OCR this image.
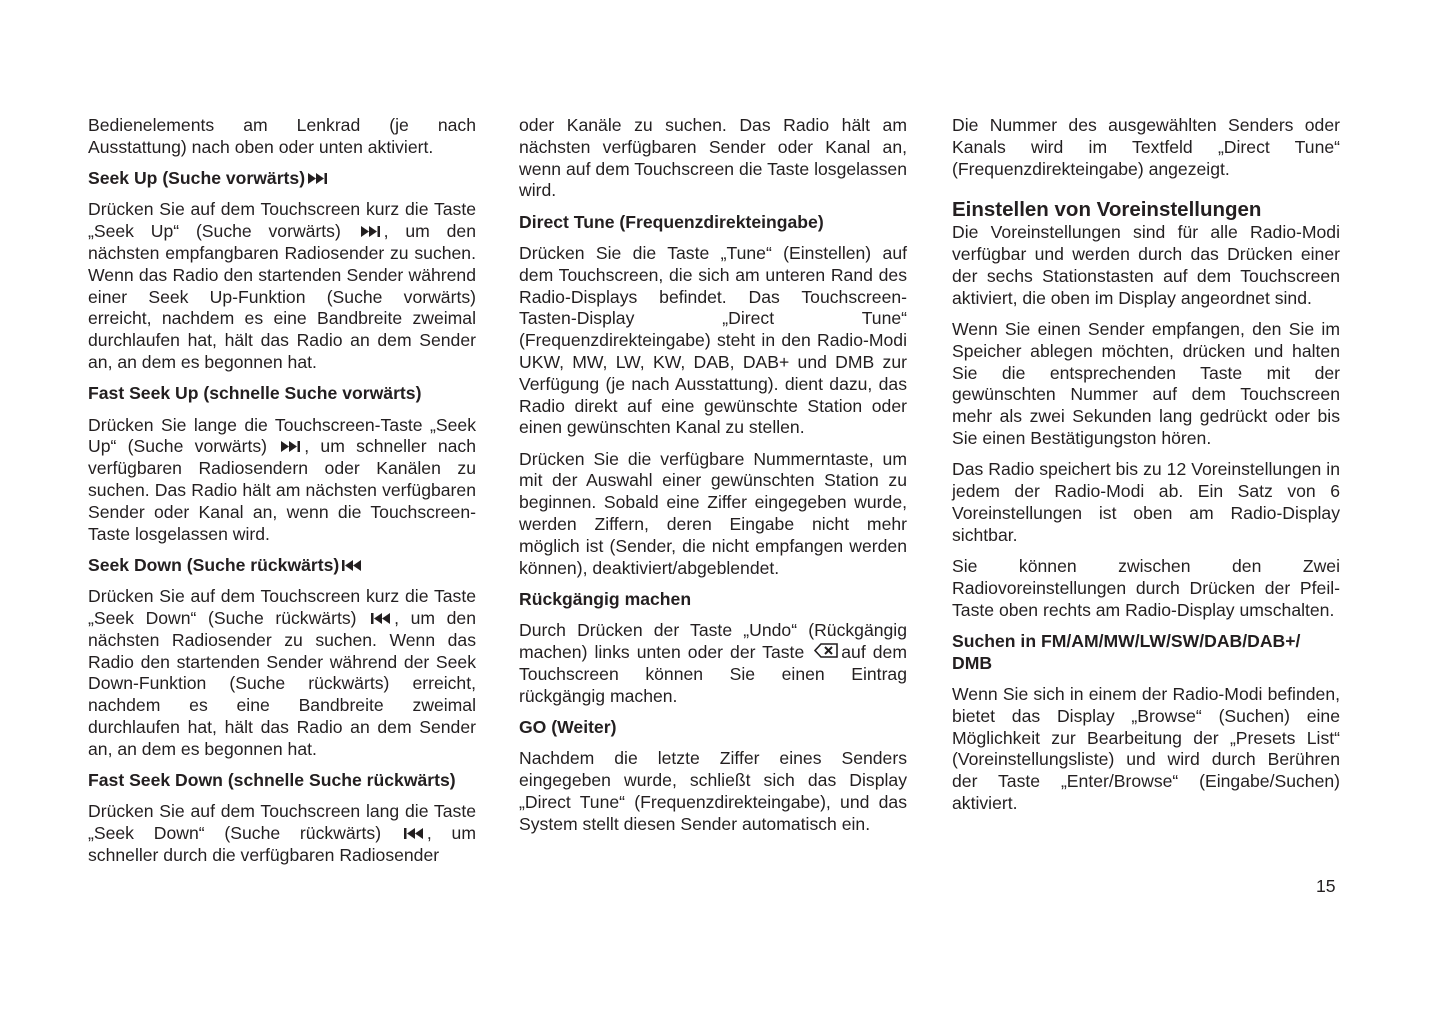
Bedienelements am Lenkrad (je nach Ausstattung) nach oben oder unten aktiviert.
Seek Up (Suche vorwärts)
Drücken Sie auf dem Touchscreen kurz die Taste „Seek Up“ (Suche vorwärts)
, um den nächsten empfangbaren Radiosender zu suchen. Wenn das Radio den startenden Sender während einer Seek Up-Funktion (Suche vorwärts) erreicht, nachdem es eine Bandbreite zweimal durchlaufen hat, hält das Radio an dem Sender an, an dem es begonnen hat.
Fast Seek Up (schnelle Suche vorwärts)
Drücken Sie lange die Touchscreen-Taste „Seek Up“ (Suche vorwärts)
, um schneller nach verfügbaren Radiosendern oder Kanälen zu suchen. Das Radio hält am nächsten verfügbaren Sender oder Kanal an, wenn die Touchscreen-Taste losgelassen wird.
Seek Down (Suche rückwärts)
Drücken Sie auf dem Touchscreen kurz die Taste „Seek Down“ (Suche rückwärts)
, um den nächsten Radiosender zu suchen. Wenn das Radio den startenden Sender während der Seek Down-Funktion (Suche rückwärts) erreicht, nachdem es eine Bandbreite zweimal durchlaufen hat, hält das Radio an dem Sender an, an dem es begonnen hat.
Fast Seek Down (schnelle Suche rückwärts)
Drücken Sie auf dem Touchscreen lang die Taste „Seek Down“ (Suche rückwärts)
, um schneller durch die verfügbaren Radiosender
oder Kanäle zu suchen. Das Radio hält am nächsten verfügbaren Sender oder Kanal an, wenn auf dem Touchscreen die Taste losgelassen wird.
Direct Tune (Frequenzdirekteingabe)
Drücken Sie die Taste „Tune“ (Einstellen) auf dem Touchscreen, die sich am unteren Rand des Radio-Displays befindet. Das Touchscreen-Tasten-Display „Direct Tune“ (Frequenzdirekteingabe) steht in den Radio-Modi UKW, MW, LW, KW, DAB, DAB+ und DMB zur Verfügung (je nach Ausstattung). dient dazu, das Radio direkt auf eine gewünschte Station oder einen gewünschten Kanal zu stellen.
Drücken Sie die verfügbare Nummerntaste, um mit der Auswahl einer gewünschten Station zu beginnen. Sobald eine Ziffer eingegeben wurde, werden Ziffern, deren Eingabe nicht mehr möglich ist (Sender, die nicht empfangen werden können), deaktiviert/abgeblendet.
Rückgängig machen
Durch Drücken der Taste „Undo“ (Rückgängig machen) links unten oder der Taste
auf dem Touchscreen können Sie einen Eintrag rückgängig machen.
GO (Weiter)
Nachdem die letzte Ziffer eines Senders eingegeben wurde, schließt sich das Display „Direct Tune“ (Frequenzdirekteingabe), und das System stellt diesen Sender automatisch ein.
Die Nummer des ausgewählten Senders oder Kanals wird im Textfeld „Direct Tune“ (Frequenzdirekteingabe) angezeigt.
Einstellen von Voreinstellungen
Die Voreinstellungen sind für alle Radio-Modi verfügbar und werden durch das Drücken einer der sechs Stationstasten auf dem Touchscreen aktiviert, die oben im Display angeordnet sind.
Wenn Sie einen Sender empfangen, den Sie im Speicher ablegen möchten, drücken und halten Sie die entsprechenden Taste mit der gewünschten Nummer auf dem Touchscreen mehr als zwei Sekunden lang gedrückt oder bis Sie einen Bestätigungston hören.
Das Radio speichert bis zu 12 Voreinstellungen in jedem der Radio-Modi ab. Ein Satz von 6 Voreinstellungen ist oben am Radio-Display sichtbar.
Sie können zwischen den Zwei Radiovoreinstellungen durch Drücken der Pfeil-Taste oben rechts am Radio-Display umschalten.
Suchen in FM/AM/MW/LW/SW/DAB/DAB+/ DMB
Wenn Sie sich in einem der Radio-Modi befinden, bietet das Display „Browse“ (Suchen) eine Möglichkeit zur Bearbeitung der „Presets List“ (Voreinstellungsliste) und wird durch Berühren der Taste „Enter/Browse“ (Eingabe/Suchen) aktiviert.
15
